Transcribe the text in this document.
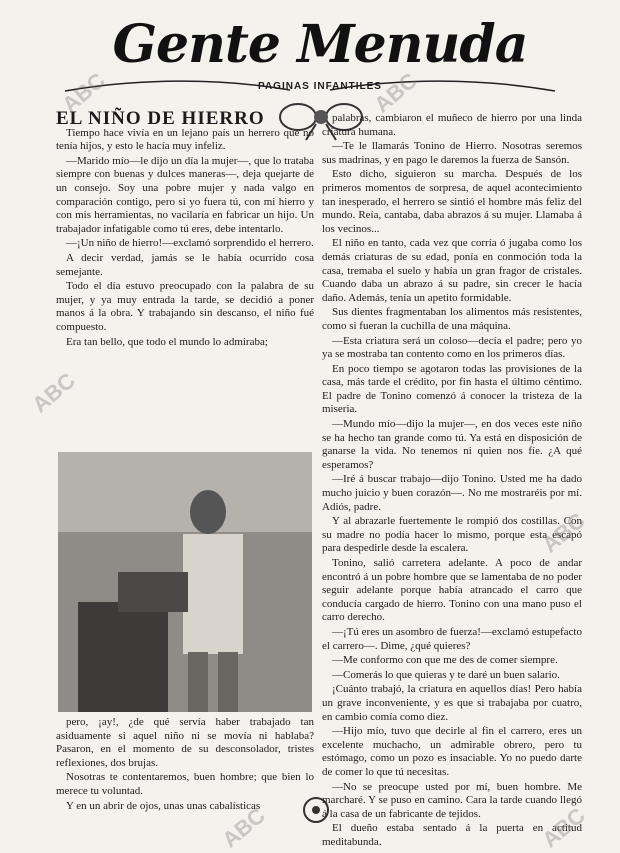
Gente Menuda
PAGINAS INFANTILES

EL NIÑO DE HIERRO

Tiempo hace vivía en un lejano país un herrero que no tenía hijos, y esto le hacía muy infeliz.

—Marido mío—le dijo un día la mujer—, que lo trataba siempre con buenas y dulces maneras—, deja quejarte de un consejo. Soy una pobre mujer y nada valgo en comparación contigo, pero si yo fuera tú, con mi hierro y con mis herramientas, no vacilaría en fabricar un hijo. Un trabajador infatigable como tú eres, debe intentarlo.

—¡Un niño de hierro!—exclamó sorprendido el herrero.

A decir verdad, jamás se le había ocurrido cosa semejante.

Todo el día estuvo preocupado con la palabra de su mujer, y ya muy entrada la tarde, se decidió a poner manos á la obra. Y trabajando sin descanso, el niño fué compuesto.

Era tan bello, que todo el mundo lo admiraba;

pero, ¡ay!, ¿de qué servía haber trabajado tan asiduamente si aquel niño ni se movía ni hablaba? Pasaron, en el momento de su desconsolador, tristes reflexiones, dos brujas.

Nosotras te contentaremos, buen hombre; que bien lo merece tu voluntad.

Y en un abrir de ojos, unas unas cabalísticas

palabras, cambiaron el muñeco de hierro por una linda criatura humana.

—Te le llamarás Tonino de Hierro. Nosotras seremos sus madrinas, y en pago le daremos la fuerza de Sansón.

Esto dicho, siguieron su marcha. Después de los primeros momentos de sorpresa, de aquel acontecimiento tan inesperado, el herrero se sintió el hombre más feliz del mundo. Reía, cantaba, daba abrazos á su mujer. Llamaba á los vecinos...

El niño en tanto, cada vez que corría ó jugaba como los demás criaturas de su edad, ponía en conmoción toda la casa, tremaba el suelo y había un gran fragor de cristales. Cuando daba un abrazo á su padre, sin crecer le hacía daño. Además, tenía un apetito formidable.

Sus dientes fragmentaban los alimentos más resistentes, como si fueran la cuchilla de una máquina.

—Esta criatura será un coloso—decía el padre; pero yo ya se mostraba tan contento como en los primeros días.

En poco tiempo se agotaron todas las provisiones de la casa, más tarde el crédito, por fin hasta el último céntimo. El padre de Tonino comenzó á conocer la tristeza de la miseria.

—Mundo mío—dijo la mujer—, en dos veces este niño se ha hecho tan grande como tú. Ya está en disposición de ganarse la vida. No tenemos ni quien nos fíe. ¿A qué esperamos?

—Iré á buscar trabajo—dijo Tonino. Usted me ha dado mucho juicio y buen corazón—. No me mostraréis por mí. Adiós, padre.

Y al abrazarle fuertemente le rompió dos costillas. Con su madre no podía hacer lo mismo, porque esta escapó para despedirle desde la escalera.

Tonino, salió carretera adelante. A poco de andar encontró á un pobre hombre que se lamentaba de no poder seguir adelante porque había atrancado el carro que conducía cargado de hierro. Tonino con una mano puso el carro derecho.

—¡Tú eres un asombro de fuerza!—exclamó estupefacto el carrero—. Dime, ¿qué quieres?

—Me conformo con que me des de comer siempre.

—Comerás lo que quieras y te daré un buen salario.

¡Cuánto trabajó, la criatura en aquellos días! Pero había un grave inconveniente, y es que si trabajaba por cuatro, en cambio comía como diez.

—Hijo mío, tuvo que decirle al fin el carrero, eres un excelente muchacho, un admirable obrero, pero tu estómago, como un pozo es insaciable. Yo no puedo darte de comer lo que tú necesitas.

—No se preocupe usted por mí, buen hombre. Me marcharé. Y se puso en camino. Cara la tarde cuando llegó á la casa de un fabricante de tejidos.

El dueño estaba sentado á la puerta en actitud meditabunda.

ABC	ABC
ABC
ABC
ABC	ABC
